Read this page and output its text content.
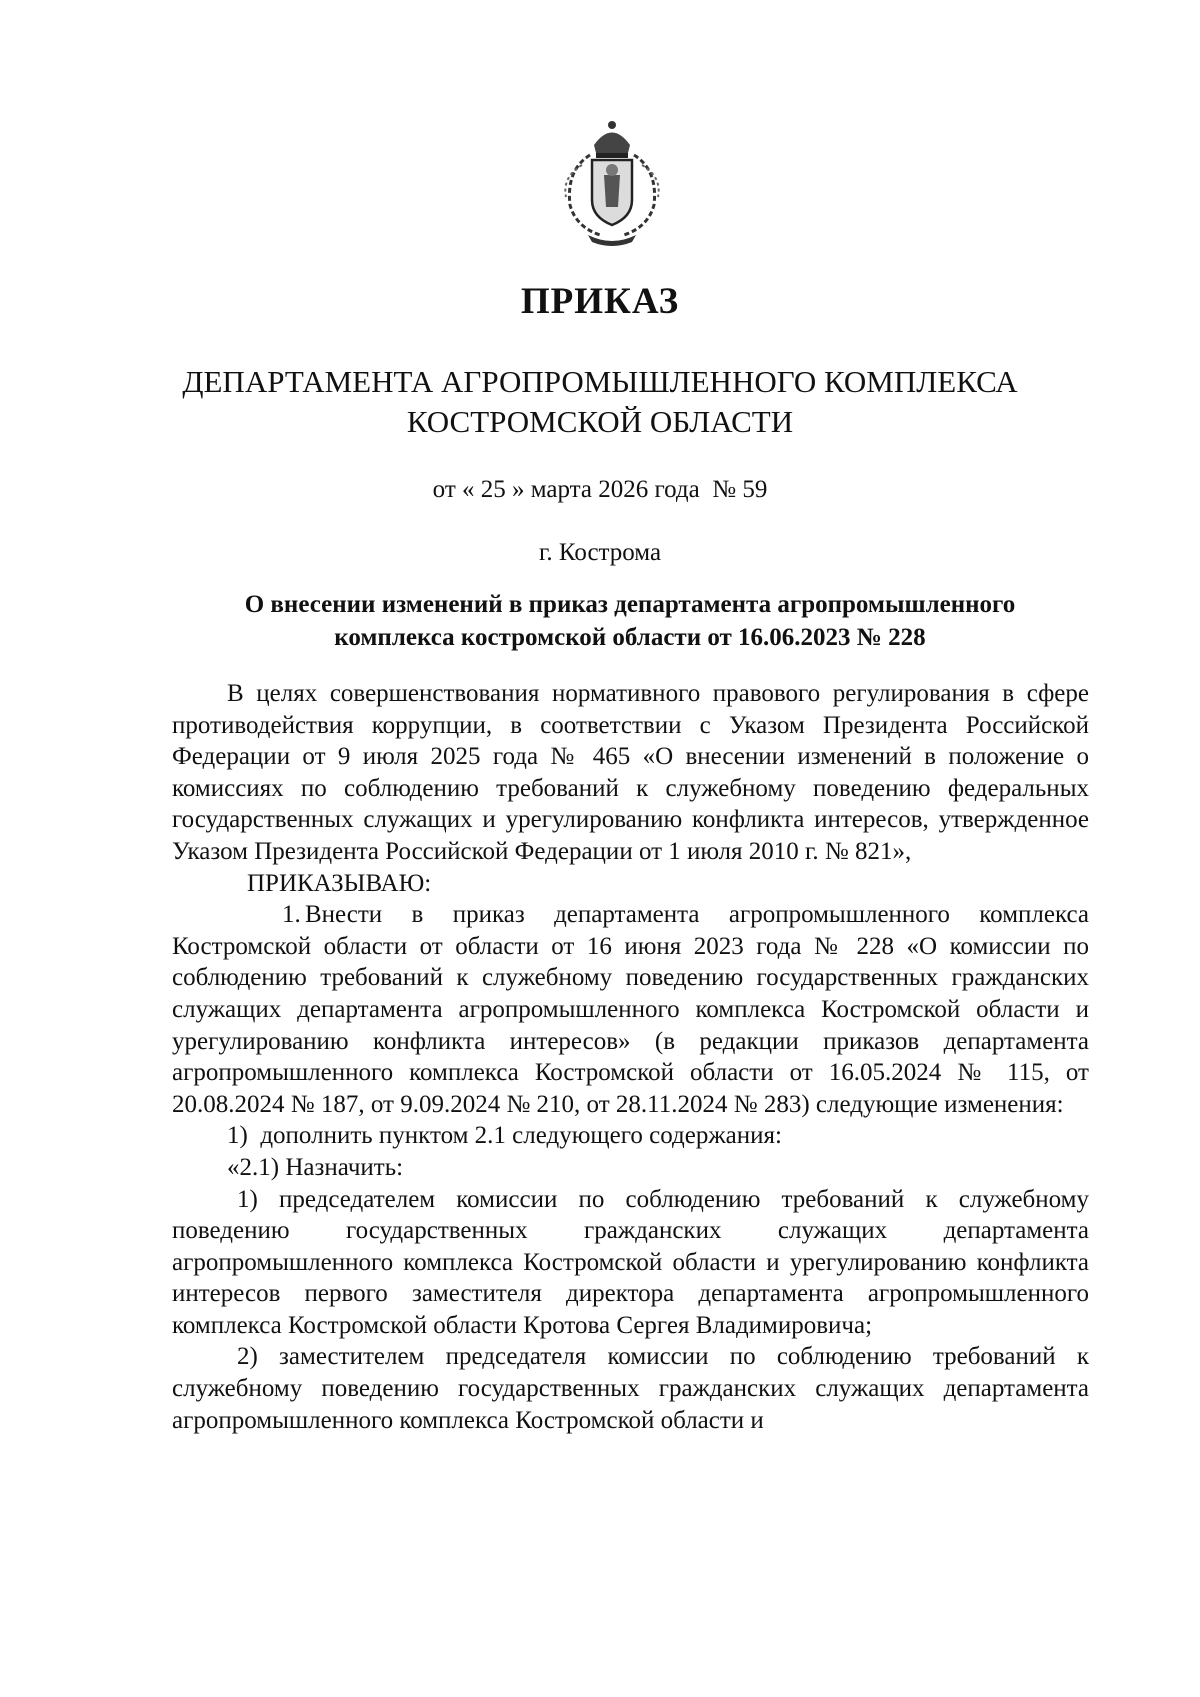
ПРИКАЗ
ДЕПАРТАМЕНТА АГРОПРОМЫШЛЕННОГО КОМПЛЕКСА
КОСТРОМСКОЙ ОБЛАСТИ
от « 25 » марта 2026 года  № 59
г. Кострома
О внесении изменений в приказ департамента агропромышленного
комплекса костромской области от 16.06.2023 № 228

В целях совершенствования нормативного правового регулирования в сфере противодействия коррупции, в соответствии с Указом Президента Российской Федерации от 9 июля 2025 года № 465 «О внесении изменений в положение о комиссиях по соблюдению требований к служебному поведению федеральных государственных служащих и урегулированию конфликта интересов, утвержденное Указом Президента Российской Федерации от 1 июля 2010 г. № 821»,

ПРИКАЗЫВАЮ:

1. Внести в приказ департамента агропромышленного комплекса Костромской области от области от 16 июня 2023 года № 228 «О комиссии по соблюдению требований к служебному поведению государственных гражданских служащих департамента агропромышленного комплекса Костромской области и урегулированию конфликта интересов» (в редакции приказов департамента агропромышленного комплекса Костромской области от 16.05.2024 № 115, от 20.08.2024 № 187, от 9.09.2024 № 210, от 28.11.2024 № 283) следующие изменения:

1)  дополнить пунктом 2.1 следующего содержания:

«2.1) Назначить:

1) председателем комиссии по соблюдению требований к служебному поведению государственных гражданских служащих департамента агропромышленного комплекса Костромской области и урегулированию конфликта интересов первого заместителя директора департамента агропромышленного комплекса Костромской области Кротова Сергея Владимировича;

2) заместителем председателя комиссии по соблюдению требований к служебному поведению государственных гражданских служащих департамента агропромышленного комплекса Костромской области и
